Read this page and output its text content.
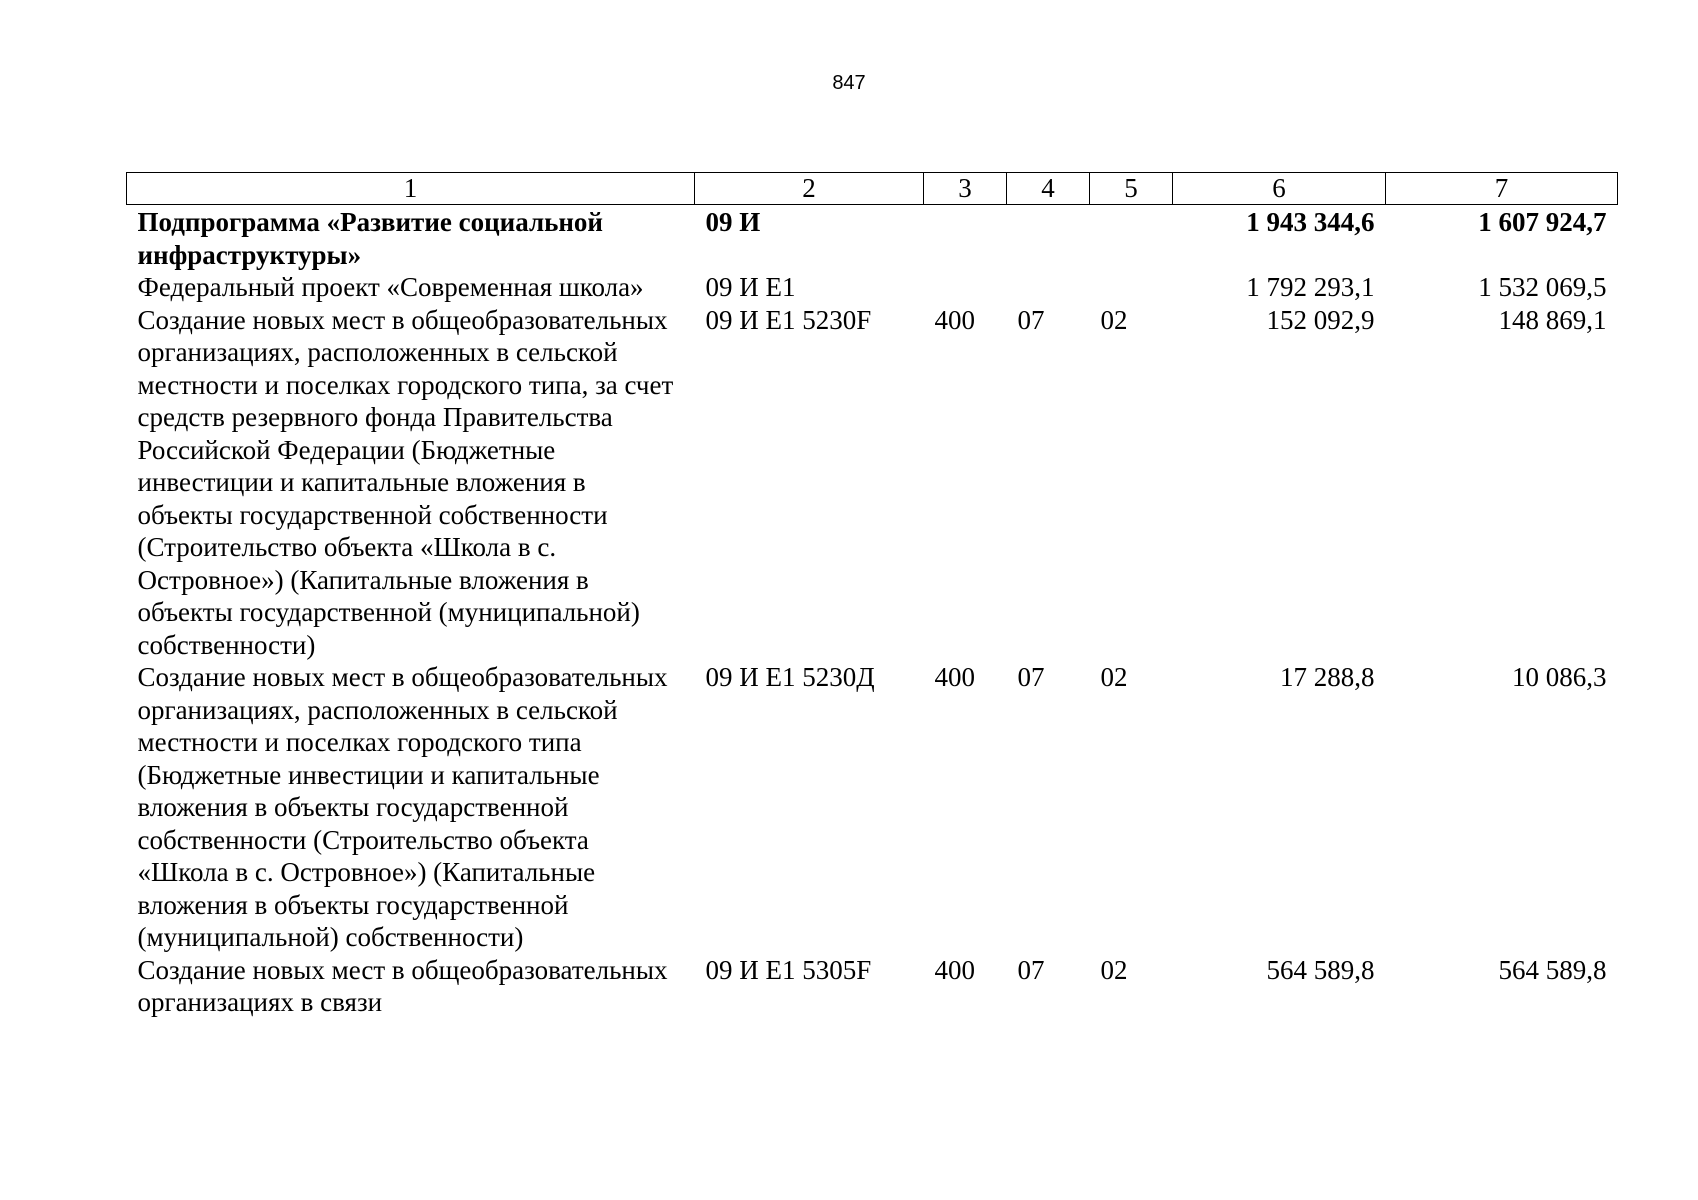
847
1	2	3	4	5	6	7
Подпрограмма «Развитие социальной инфраструктуры»	09 И				1 943 344,6	1 607 924,7
Федеральный проект «Современная школа»	09 И E1				1 792 293,1	1 532 069,5
Создание новых мест в общеобразовательных организациях, расположенных в сельской местности и поселках городского типа, за счет средств резервного фонда Правительства Российской Федерации (Бюджетные инвестиции и капитальные вложения в объекты государственной собственности (Строительство объекта «Школа в с. Островное») (Капитальные вложения в объекты государственной (муниципальной) собственности)	09 И E1 5230F	400	07	02	152 092,9	148 869,1
Создание новых мест в общеобразовательных организациях, расположенных в сельской местности и поселках городского типа (Бюджетные инвестиции и капитальные вложения в объекты государственной собственности (Строительство объекта «Школа в с. Островное») (Капитальные вложения в объекты государственной (муниципальной) собственности)	09 И E1 5230Д	400	07	02	17 288,8	10 086,3
Создание новых мест в общеобразовательных организациях в связи	09 И E1 5305F	400	07	02	564 589,8	564 589,8
